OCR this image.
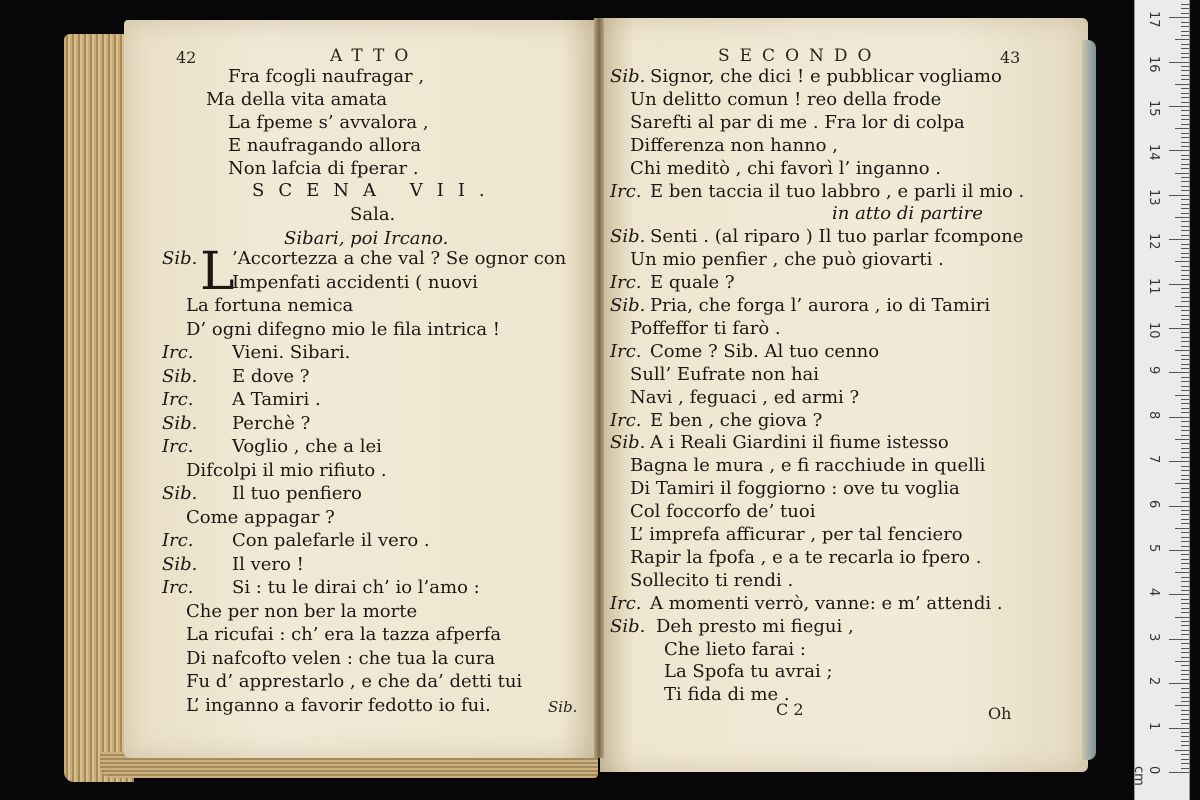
42	ATTO
Fra fcogli naufragar ,
Ma della vita amata
La fpeme s’ avvalora ,
E naufragando allora
Non lafcia di fperar .
SCENA VII.
Sala.
Sibari, poi Ircano.
L
Sib. ’Accortezza a che val ? Se ognor con
Impenfati accidenti ( nuovi
La fortuna nemica
D’ ogni difegno mio le fila intrica !
Irc. Vieni. Sibari.
Sib. E dove ?
Irc. A Tamiri .
Sib. Perchè ?
Irc. Voglio , che a lei
Difcolpi il mio rifiuto .
Sib. Il tuo penfiero
Come appagar ?
Irc. Con palefarle il vero .
Sib. Il vero !
Irc. Si : tu le dirai ch’ io l’amo :
Che per non ber la morte
La ricufai : ch’ era la tazza afperfa
Di nafcofto velen : che tua la cura
Fu d’ apprestarlo , e che da’ detti tui
L’ inganno a favorir fedotto io fui.	Sib.
SECONDO	43
Sib. Signor, che dici ! e pubblicar vogliamo
Un delitto comun ! reo della frode
Sarefti al par di me . Fra lor di colpa
Differenza non hanno ,
Chi meditò , chi favorì l’ inganno .
Irc. E ben taccia il tuo labbro , e parli il mio .
in atto di partire
Sib. Senti . (al riparo ) Il tuo parlar fcompone
Un mio penfier , che può giovarti .
Irc. E quale ?
Sib. Pria, che forga l’ aurora , io di Tamiri
Poffeffor ti farò .
Irc. Come ? Sib. Al tuo cenno
Sull’ Eufrate non hai
Navi , feguaci , ed armi ?
Irc. E ben , che giova ?
Sib. A i Reali Giardini il fiume istesso
Bagna le mura , e fi racchiude in quelli
Di Tamiri il foggiorno : ove tu voglia
Col foccorfo de’ tuoi
L’ imprefa afficurar , per tal fenciero
Rapir la fpofa , e a te recarla io fpero .
Sollecito ti rendi .
Irc. A momenti verrò, vanne: e m’ attendi .
Sib. Deh presto mi fiegui ,
Che lieto farai :
La Spofa tu avrai ;
Ti fida di me .
C 2	Oh
0 cm
1
2
3
4
5
6
7
8
9
10
11
12
13
14
15
16
17
